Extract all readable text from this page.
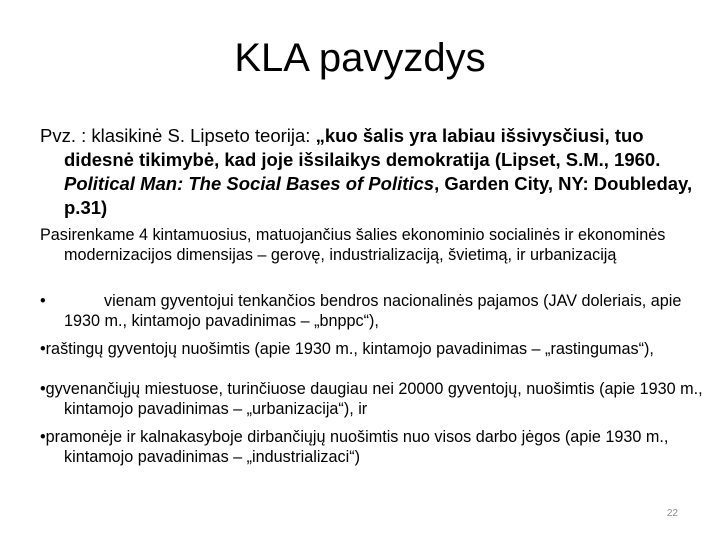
KLA pavyzdys

Pvz. : klasikinė S. Lipseto teorija: „kuo šalis yra labiau išsivysčiusi, tuo didesnė tikimybė, kad joje išsilaikys demokratija (Lipset, S.M., 1960. Political Man: The Social Bases of Politics, Garden City, NY: Doubleday, p.31)

Pasirenkame 4 kintamuosius, matuojančius šalies ekonominio socialinės ir ekonominės modernizacijos dimensijas – gerovę, industrializaciją, švietimą, ir urbanizaciją

•	vienam gyventojui tenkančios bendros nacionalinės pajamos (JAV doleriais, apie 1930 m., kintamojo pavadinimas – „bnppc“),

•raštingų gyventojų nuošimtis (apie 1930 m., kintamojo pavadinimas – „rastingumas“),

•gyvenančiųjų miestuose, turinčiuose daugiau nei 20000 gyventojų, nuošimtis (apie 1930 m., kintamojo pavadinimas – „urbanizacija“), ir

•pramonėje ir kalnakasyboje dirbančiųjų nuošimtis nuo visos darbo jėgos (apie 1930 m., kintamojo pavadinimas – „industrializaci“)

22
